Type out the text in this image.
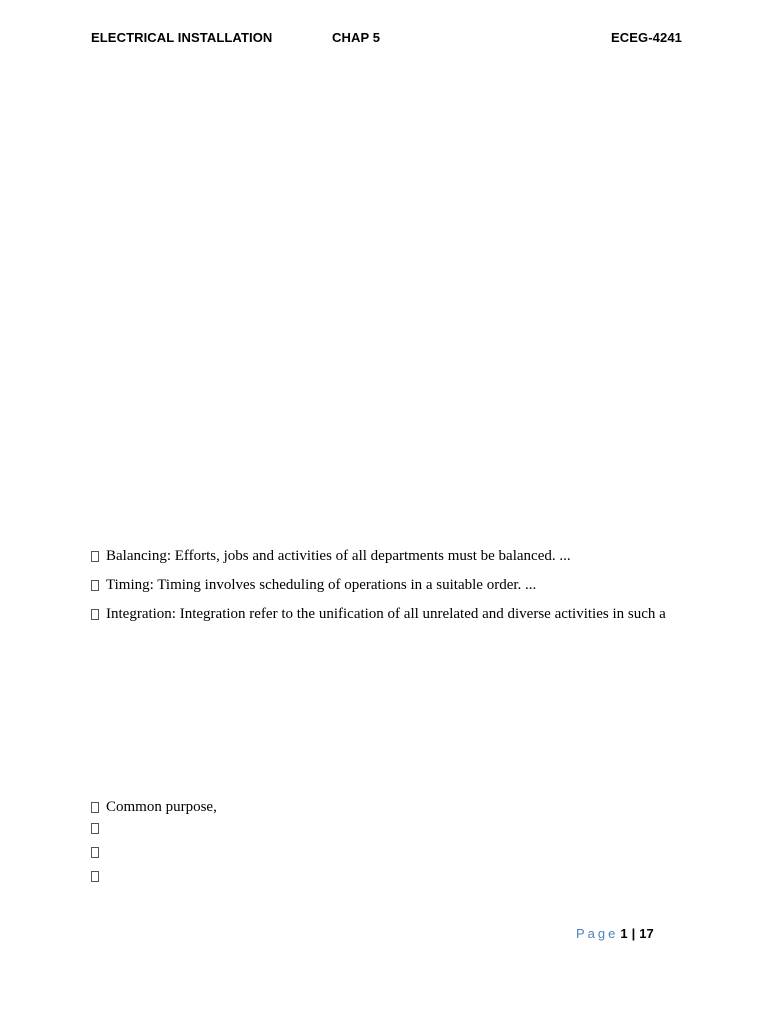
ELECTRICAL INSTALLATION	CHAP 5	ECEG-4241
Balancing: Efforts, jobs and activities of all departments must be balanced. ...
Timing: Timing involves scheduling of operations in a suitable order. ...
Integration: Integration refer to the unification of all unrelated and diverse activities in such a
Common purpose,
Page 1 | 17
